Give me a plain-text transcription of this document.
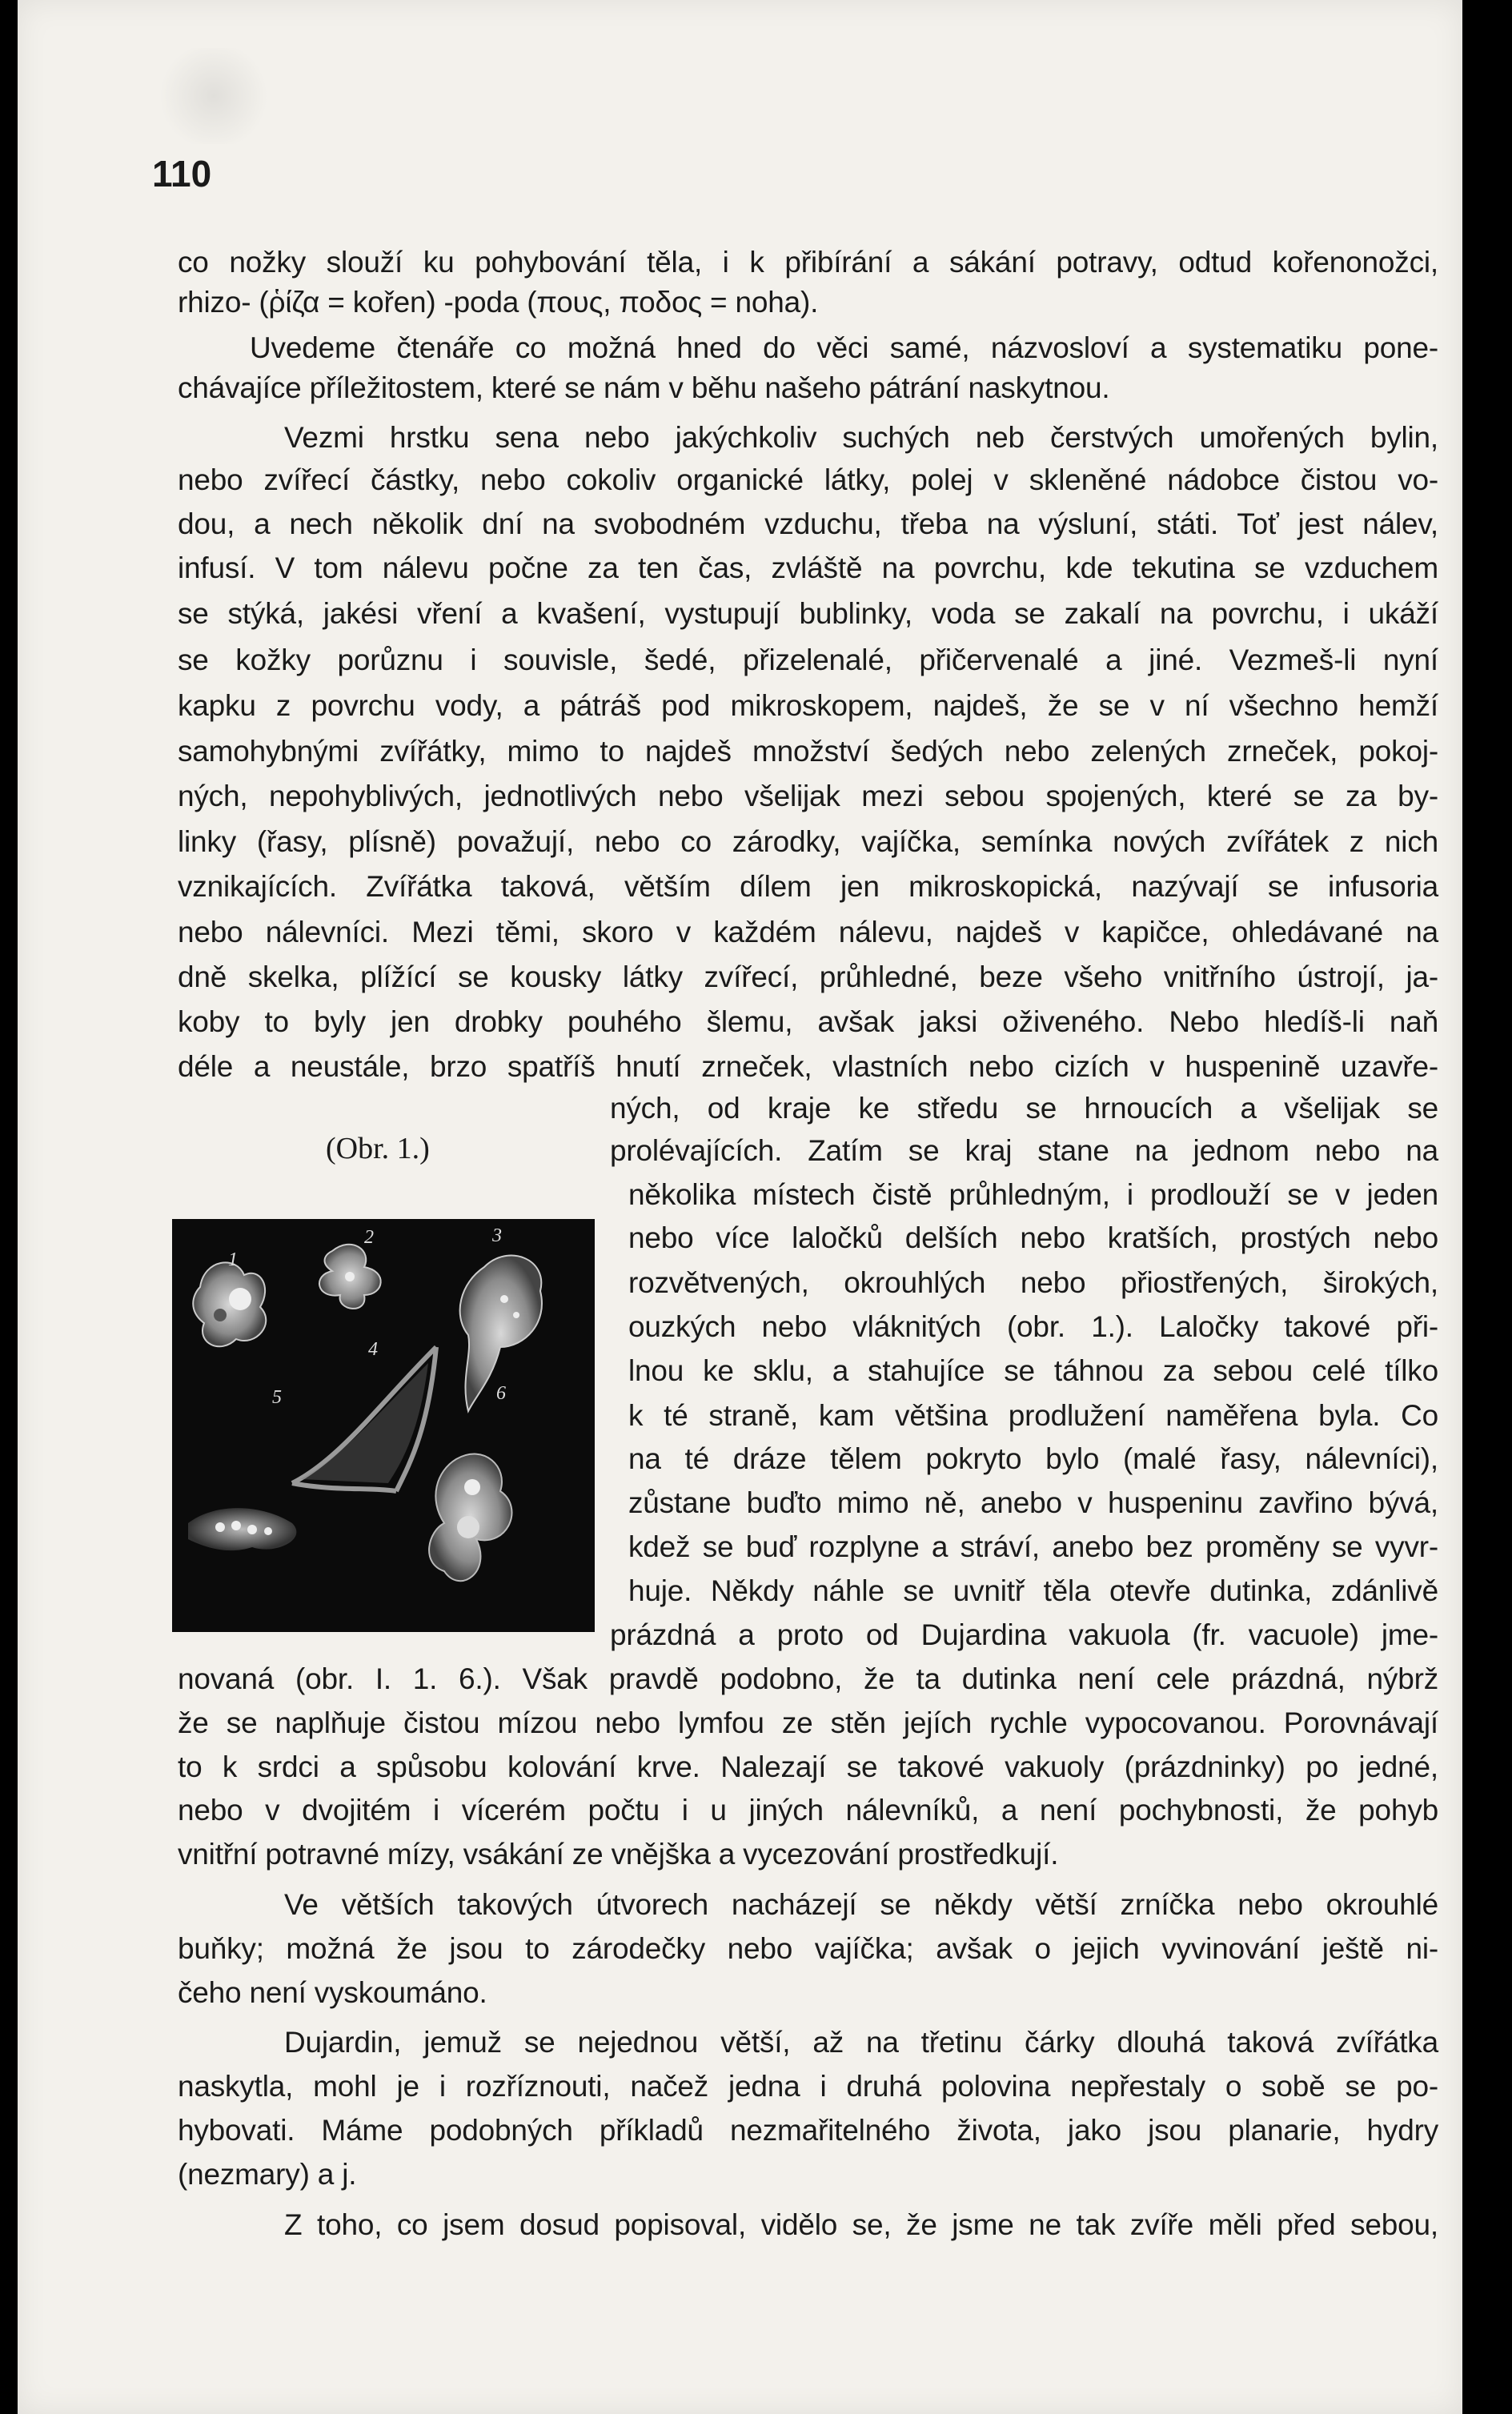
110
co nožky slouží ku pohybování těla, i k přibírání a sákání potravy, odtud kořenonožci,
rhizo- (ῥίζα = kořen) -poda (πους, ποδος = noha).
Uvedeme čtenáře co možná hned do věci samé, názvosloví a systematiku pone-
chávajíce příležitostem, které se nám v běhu našeho pátrání naskytnou.
Vezmi hrstku sena nebo jakýchkoliv suchých neb čerstvých umořených bylin,
nebo zvířecí částky, nebo cokoliv organické látky, polej v skleněné nádobce čistou vo-
dou, a nech několik dní na svobodném vzduchu, třeba na výsluní, státi. Toť jest nálev,
infusí. V tom nálevu počne za ten čas, zvláště na povrchu, kde tekutina se vzduchem
se stýká, jakési vření a kvašení, vystupují bublinky, voda se zakalí na povrchu, i ukáží
se kožky porůznu i souvisle, šedé, přizelenalé, přičervenalé a jiné. Vezmeš-li nyní
kapku z povrchu vody, a pátráš pod mikroskopem, najdeš, že se v ní všechno hemží
samohybnými zvířátky, mimo to najdeš množství šedých nebo zelených zrneček, pokoj-
ných, nepohyblivých, jednotlivých nebo všelijak mezi sebou spojených, které se za by-
linky (řasy, plísně) považují, nebo co zárodky, vajíčka, semínka nových zvířátek z nich
vznikajících. Zvířátka taková, větším dílem jen mikroskopická, nazývají se infusoria
nebo nálevníci. Mezi těmi, skoro v každém nálevu, najdeš v kapičce, ohledávané na
dně skelka, plížící se kousky látky zvířecí, průhledné, beze všeho vnitřního ústrojí, ja-
koby to byly jen drobky pouhého šlemu, avšak jaksi oživeného. Nebo hledíš-li naň
déle a neustále, brzo spatříš hnutí zrneček, vlastních nebo cizích v huspenině uzavře-
ných, od kraje ke středu se hrnoucích a všelijak se
prolévajících. Zatím se kraj stane na jednom nebo na
několika místech čistě průhledným, i prodlouží se v jeden
nebo více laločků delších nebo kratších, prostých nebo
rozvětvených, okrouhlých nebo přiostřených, širokých,
ouzkých nebo vláknitých (obr. 1.). Laločky takové při-
lnou ke sklu, a stahujíce se táhnou za sebou celé tílko
k té straně, kam většina prodlužení naměřena byla. Co
na té dráze tělem pokryto bylo (malé řasy, nálevníci),
zůstane buďto mimo ně, anebo v huspeninu zavřino bývá,
kdež se buď rozplyne a stráví, anebo bez proměny se vyvr-
huje. Někdy náhle se uvnitř těla otevře dutinka, zdánlivě
prázdná a proto od Dujardina vakuola (fr. vacuole) jme-
(Obr. 1.)
1
2	3
4
5	6
novaná (obr. I. 1. 6.). Však pravdě podobno, že ta dutinka není cele prázdná, nýbrž
že se naplňuje čistou mízou nebo lymfou ze stěn jejích rychle vypocovanou. Porovnávají
to k srdci a spůsobu kolování krve. Nalezají se takové vakuoly (prázdninky) po jedné,
nebo v dvojitém i vícerém počtu i u jiných nálevníků, a není pochybnosti, že pohyb
vnitřní potravné mízy, vsákání ze vnějška a vycezování prostředkují.
Ve větších takových útvorech nacházejí se někdy větší zrníčka nebo okrouhlé
buňky; možná že jsou to zárodečky nebo vajíčka; avšak o jejich vyvinování ještě ni-
čeho není vyskoumáno.
Dujardin, jemuž se nejednou větší, až na třetinu čárky dlouhá taková zvířátka
naskytla, mohl je i rozříznouti, načež jedna i druhá polovina nepřestaly o sobě se po-
hybovati. Máme podobných příkladů nezmařitelného života, jako jsou planarie, hydry
(nezmary) a j.
Z toho, co jsem dosud popisoval, vidělo se, že jsme ne tak zvíře měli před sebou,
